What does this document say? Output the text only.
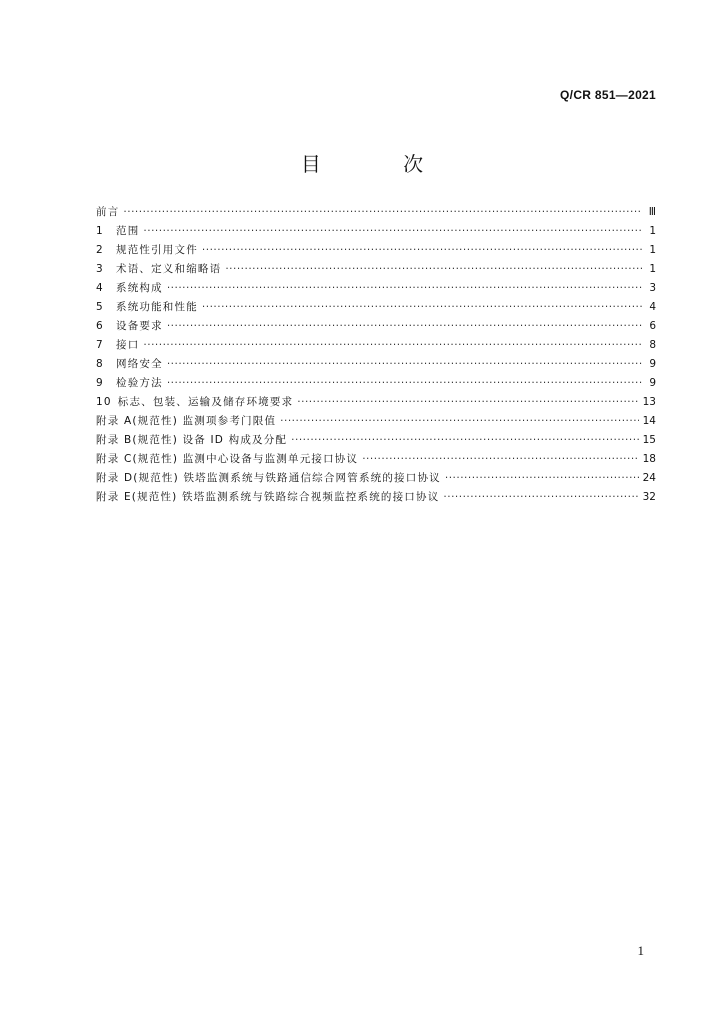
Q/CR 851—2021
目 次
前言 ·····	Ⅲ
1	范围 ·····	1
2	规范性引用文件 ·····	1
3	术语、定义和缩略语 ·····	1
4	系统构成 ·····	3
5	系统功能和性能 ·····	4
6	设备要求 ·····	6
7	接口 ·····	8
8	网络安全 ·····	9
9	检验方法 ·····	9
10 标志、包装、运输及储存环境要求 ·····	13
附录 A(规范性) 监测项参考门限值 ·····	14
附录 B(规范性) 设备 ID 构成及分配 ·····	15
附录 C(规范性) 监测中心设备与监测单元接口协议 ·····	18
附录 D(规范性) 铁塔监测系统与铁路通信综合网管系统的接口协议 ·····	24
附录 E(规范性) 铁塔监测系统与铁路综合视频监控系统的接口协议 ·····	32
1
